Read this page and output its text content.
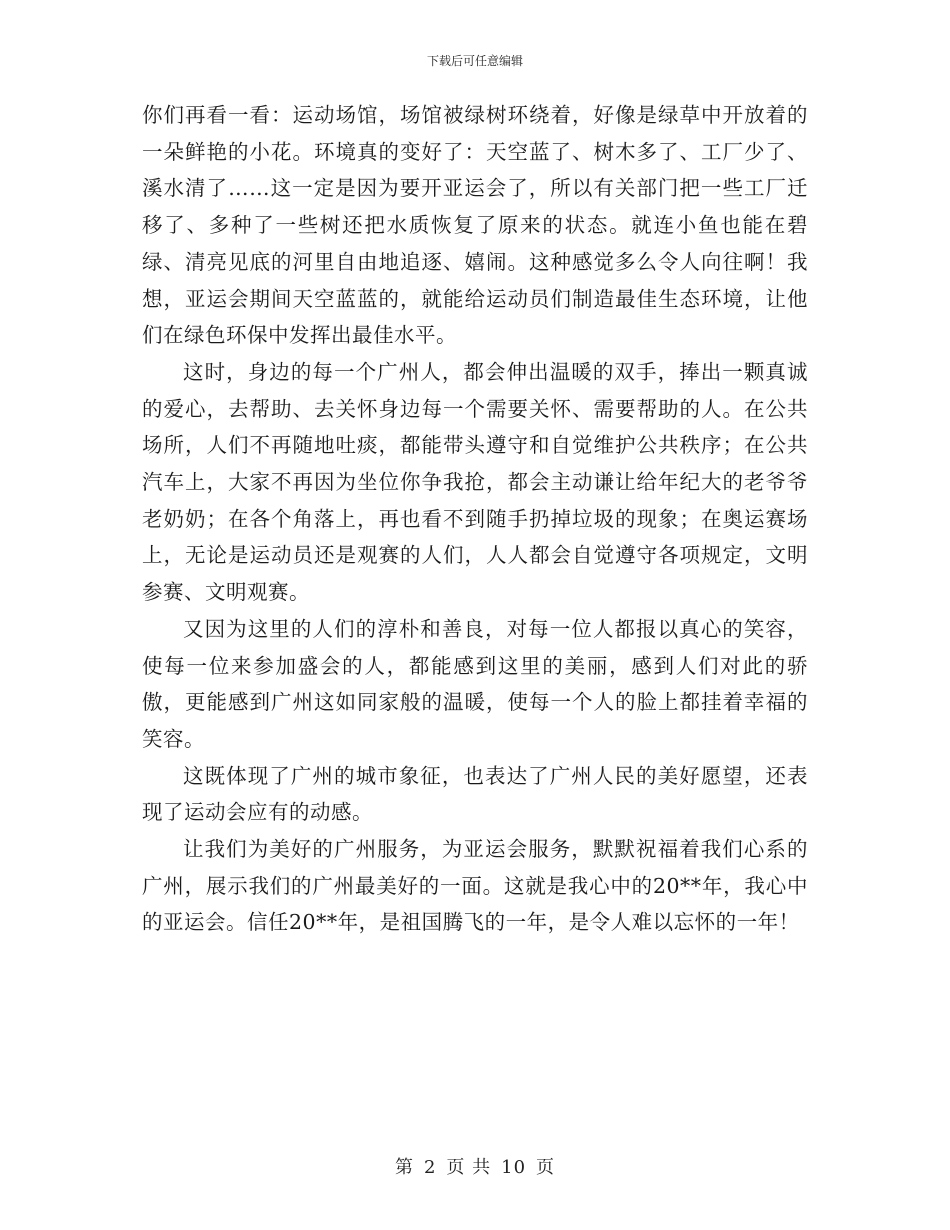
下载后可任意编辑

你们再看一看：运动场馆，场馆被绿树环绕着，好像是绿草中开放着的一朵鲜艳的小花。环境真的变好了：天空蓝了、树木多了、工厂少了、溪水清了……这一定是因为要开亚运会了，所以有关部门把一些工厂迁移了、多种了一些树还把水质恢复了原来的状态。就连小鱼也能在碧绿、清亮见底的河里自由地追逐、嬉闹。这种感觉多么令人向往啊！我想，亚运会期间天空蓝蓝的，就能给运动员们制造最佳生态环境，让他们在绿色环保中发挥出最佳水平。

这时，身边的每一个广州人，都会伸出温暖的双手，捧出一颗真诚的爱心，去帮助、去关怀身边每一个需要关怀、需要帮助的人。在公共场所，人们不再随地吐痰，都能带头遵守和自觉维护公共秩序；在公共汽车上，大家不再因为坐位你争我抢，都会主动谦让给年纪大的老爷爷老奶奶；在各个角落上，再也看不到随手扔掉垃圾的现象；在奥运赛场上，无论是运动员还是观赛的人们，人人都会自觉遵守各项规定，文明参赛、文明观赛。

又因为这里的人们的淳朴和善良，对每一位人都报以真心的笑容，使每一位来参加盛会的人，都能感到这里的美丽，感到人们对此的骄傲，更能感到广州这如同家般的温暖，使每一个人的脸上都挂着幸福的笑容。

这既体现了广州的城市象征，也表达了广州人民的美好愿望，还表现了运动会应有的动感。

让我们为美好的广州服务，为亚运会服务，默默祝福着我们心系的广州，展示我们的广州最美好的一面。这就是我心中的20**年，我心中的亚运会。信任20**年，是祖国腾飞的一年，是令人难以忘怀的一年！

第 2 页 共 10 页
